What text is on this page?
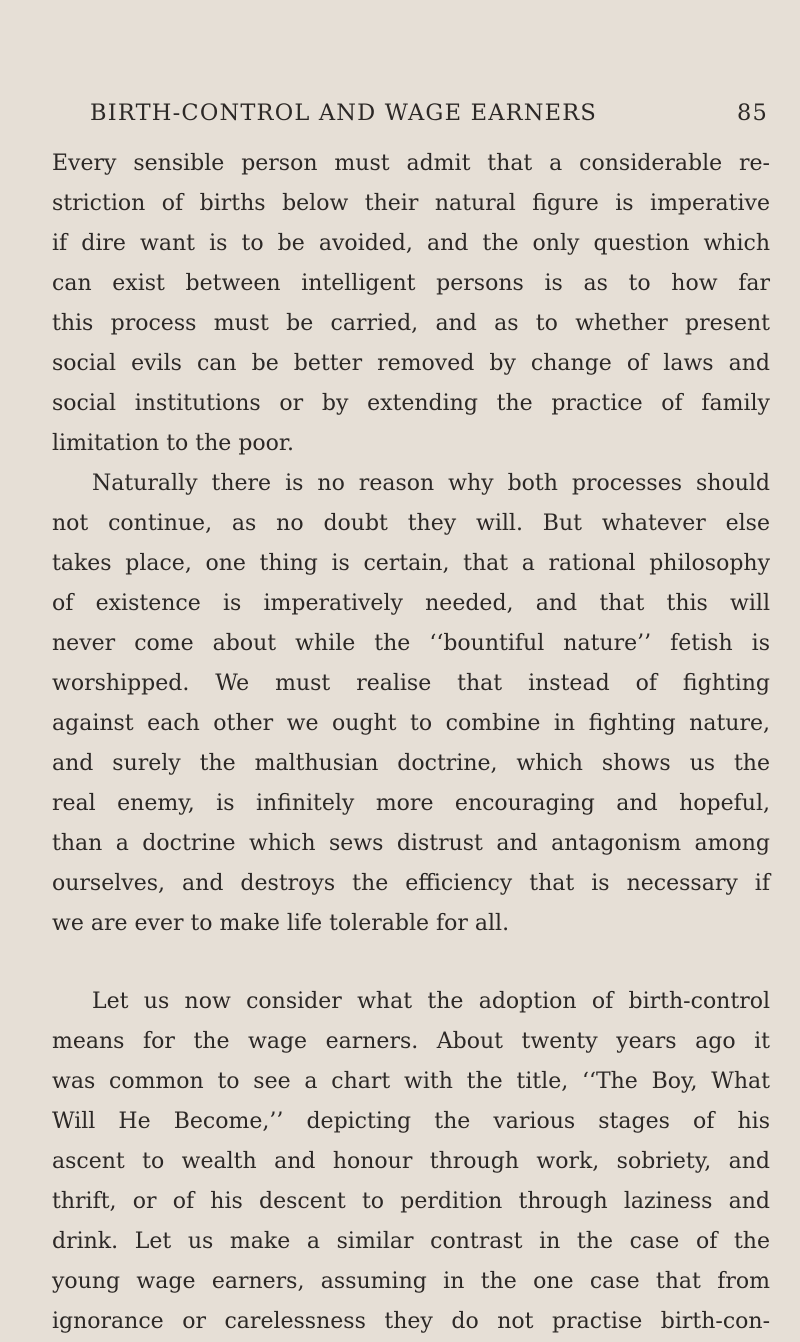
BIRTH-CONTROL AND WAGE EARNERS	85
Every sensible person must admit that a considerable re-
striction of births below their natural figure is imperative
if dire want is to be avoided, and the only question which
can exist between intelligent persons is as to how far
this process must be carried, and as to whether present
social evils can be better removed by change of laws and
social institutions or by extending the practice of family
limitation to the poor.
Naturally there is no reason why both processes should
not continue, as no doubt they will. But whatever else
takes place, one thing is certain, that a rational philosophy
of existence is imperatively needed, and that this will
never come about while the ‘‘bountiful nature’’ fetish is
worshipped. We must realise that instead of fighting
against each other we ought to combine in fighting nature,
and surely the malthusian doctrine, which shows us the
real enemy, is infinitely more encouraging and hopeful,
than a doctrine which sews distrust and antagonism among
ourselves, and destroys the efficiency that is necessary if
we are ever to make life tolerable for all.
Let us now consider what the adoption of birth-control
means for the wage earners. About twenty years ago it
was common to see a chart with the title, ‘‘The Boy, What
Will He Become,’’ depicting the various stages of his
ascent to wealth and honour through work, sobriety, and
thrift, or of his descent to perdition through laziness and
drink. Let us make a similar contrast in the case of the
young wage earners, assuming in the one case that from
ignorance or carelessness they do not practise birth-con-
